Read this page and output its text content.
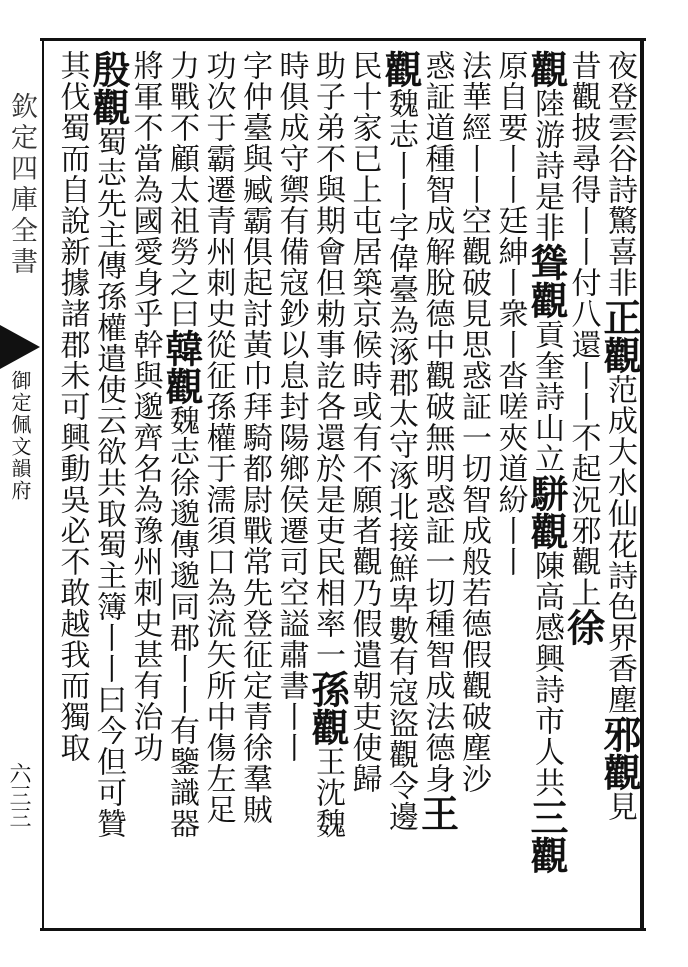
欽定四庫全書
御定佩文韻府
六三三
夜登雲谷詩驚喜非正觀范成大水仙花詩色界香塵邪觀見
昔觀披尋得丨丨付八還丨丨不起況邪觀上徐
觀陸游詩是非聳觀貢奎詩山立駢觀陳高感興詩市人共三觀
原自要丨丨廷紳丨衆丨沓嗟夾道紛丨丨
法華經丨丨空觀破見思惑証一切智成般若德假觀破塵沙
惑証道種智成解脫德中觀破無明惑証一切種智成法德身王
觀魏志丨丨字偉臺為涿郡太守涿北接鮮卑數有寇盜觀令邊
民十家已上屯居築京候時或有不願者觀乃假遣朝吏使歸
助子弟不與期會但勅事訖各還於是吏民相率一孫觀王沈魏
時俱成守禦有備寇鈔以息封陽鄉侯遷司空謚肅書丨丨
字仲臺與臧霸俱起討黃巾拜騎都尉戰常先登征定青徐羣賊
功次于霸遷青州刺史從征孫權于濡須口為流矢所中傷左足
力戰不顧太祖勞之曰韓觀魏志徐邈傳邈同郡丨丨有鑒識器
將軍不當為國愛身乎幹與邈齊名為豫州刺史甚有治功
殷觀蜀志先主傳孫權遣使云欲共取蜀主簿丨丨曰今但可贊
其伐蜀而自說新據諸郡未可興動吳必不敢越我而獨取
